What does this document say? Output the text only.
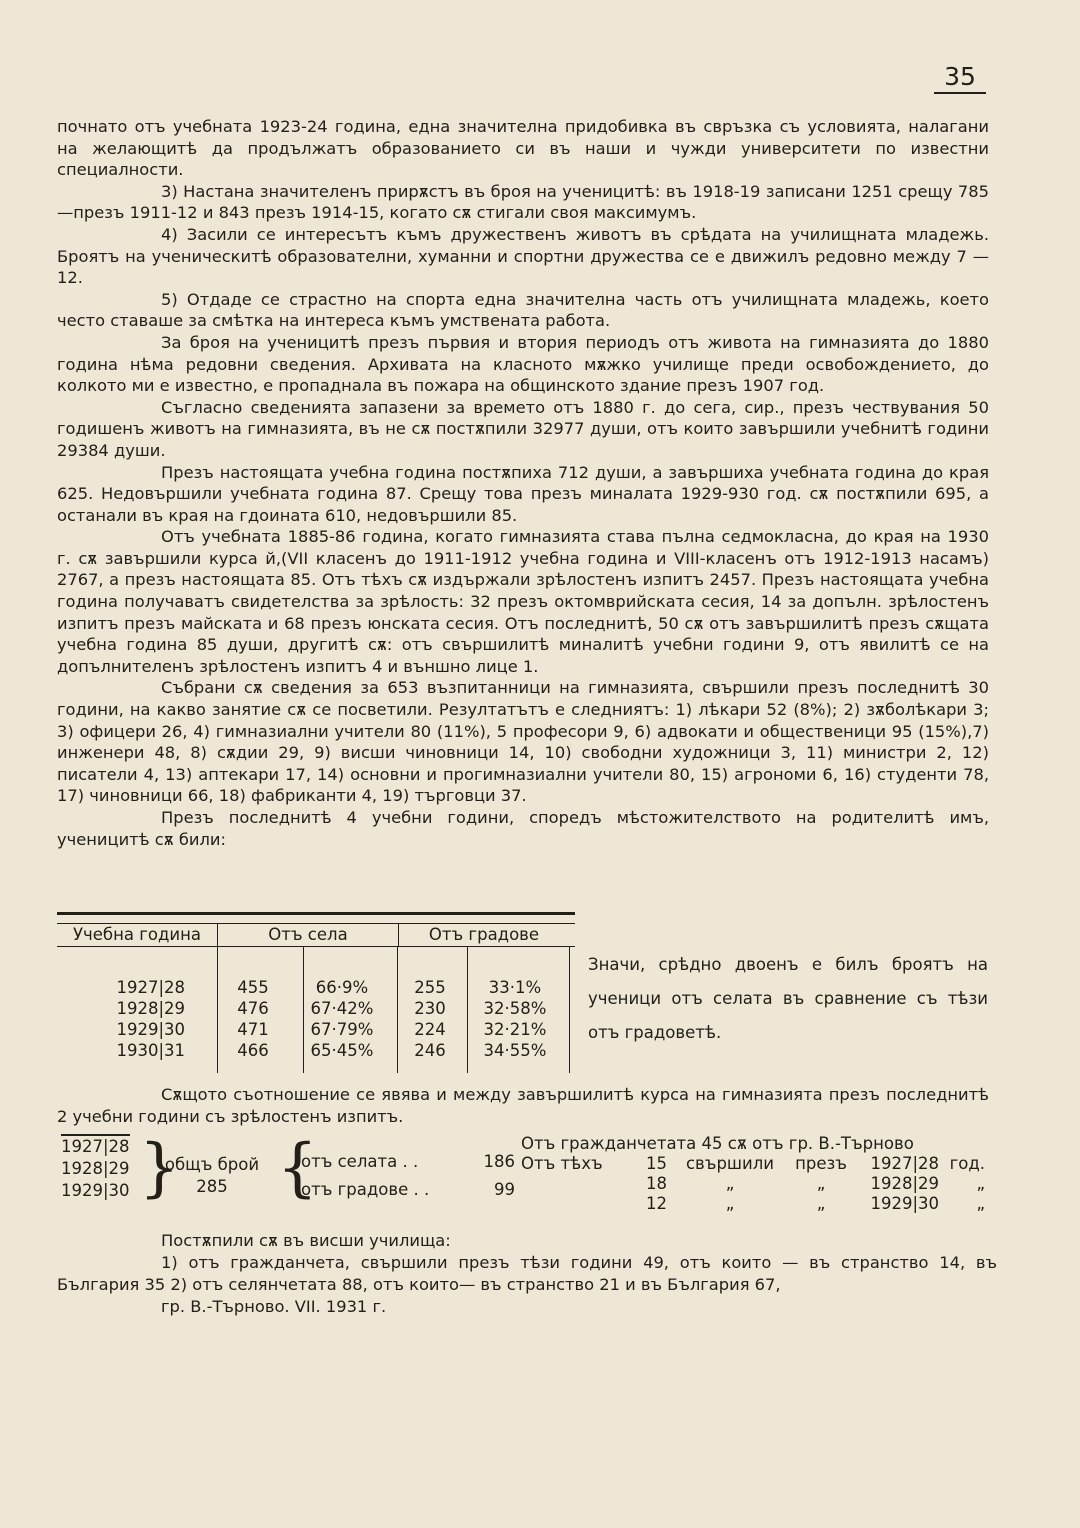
35

почнато отъ учебната 1923-24 година, една значителна придобивка въ свръзка съ условията, налагани на желающитѣ да продължатъ образованието си въ наши и чужди университети по известни специалности.

3) Настана значителенъ прирѫстъ въ броя на ученицитѣ: въ 1918-19 записани 1251 срещу 785—презъ 1911-12 и 843 презъ 1914-15, когато сѫ стигали своя максимумъ.

4) Засили се интересътъ къмъ дружественъ животъ въ срѣдата на училищната младежь. Броятъ на ученическитѣ образователни, хуманни и спортни дружества се е движилъ редовно между 7 — 12.

5) Отдаде се страстно на спорта една значителна часть отъ училищната младежь, което често ставаше за смѣтка на интереса къмъ умствената работа.

За броя на ученицитѣ презъ първия и втория периодъ отъ живота на гимназията до 1880 година нѣма редовни сведения. Архивата на класното мѫжко училище преди освобождението, до колкото ми е известно, е пропаднала въ пожара на общинското здание презъ 1907 год.

Съгласно сведенията запазени за времето отъ 1880 г. до сега, сир., презъ чествувания 50 годишенъ животъ на гимназията, въ не сѫ постѫпили 32977 души, отъ които завършили учебнитѣ години 29384 души.

Презъ настоящата учебна година постѫпиха 712 души, а завършиха учебната година до края 625. Недовършили учебната година 87. Срещу това презъ миналата 1929-930 год. сѫ постѫпили 695, а останали въ края на гдоината 610, недовършили 85.

Отъ учебната 1885-86 година, когато гимназията става пълна седмокласна, до края на 1930 г. сѫ завършили курса й,(VII класенъ до 1911-1912 учебна година и VIII-класенъ отъ 1912-1913 насамъ) 2767, а презъ настоящата 85. Отъ тѣхъ сѫ издържали зрѣлостенъ изпитъ 2457. Презъ настоящата учебна година получаватъ свидетелства за зрѣлость: 32 презъ октомврийската сесия, 14 за допълн. зрѣлостенъ изпитъ презъ майската и 68 презъ юнската сесия. Отъ последнитѣ, 50 сѫ отъ завършилитѣ презъ сѫщата учебна година 85 души, другитѣ сѫ: отъ свършилитѣ миналитѣ учебни години 9, отъ явилитѣ се на допълнителенъ зрѣлостенъ изпитъ 4 и външно лице 1.

Събрани сѫ сведения за 653 възпитанници на гимназията, свършили презъ последнитѣ 30 години, на какво занятие сѫ се посветили. Резултатътъ е следниятъ: 1) лѣкари 52 (8%); 2) зѫболѣкари 3; 3) офицери 26, 4) гимназиални учители 80 (11%), 5 професори 9, 6) адвокати и общественици 95 (15%),7) инженери 48, 8) сѫдии 29, 9) висши чиновници 14, 10) свободни художници 3, 11) министри 2, 12) писатели 4, 13) аптекари 17, 14) основни и прогимназиални учители 80, 15) агрономи 6, 16) студенти 78, 17) чиновници 66, 18) фабриканти 4, 19) търговци 37.

Презъ последнитѣ 4 учебни години, споредъ мѣстожителството на родителитѣ имъ, ученицитѣ сѫ били:

Учебна година	Отъ села	Отъ градове
1927|28	455	66·9%	255	33·1%
1928|29	476	67·42%	230	32·58%
1929|30	471	67·79%	224	32·21%
1930|31	466	65·45%	246	34·55%
Значи, срѣдно двоенъ е билъ броятъ на ученици отъ селата въ сравнение съ тѣзи отъ градоветѣ.

Сѫщото съотношение се явява и между завършилитѣ курса на гимназията презъ последнитѣ 2 учебни години съ зрѣлостенъ изпитъ.

1927|28
1928|29
1929|30 }
общъ брой
285 {
отъ селата . .	186
отъ градове . .	99
Отъ гражданчетата 45 сѫ отъ гр. В.-Търново
Отъ тѣхъ	15	свършили	презъ	1927|28 год.
18	„	„	1928|29	„
12	„	„	1929|30	„

Постѫпили сѫ въ висши училища:

1) отъ гражданчета, свършили презъ тѣзи години 49, отъ които — въ странство 14, въ България 35 2) отъ селянчетата 88, отъ които— въ странство 21 и въ България 67,

гр. В.-Търново. VII. 1931 г.
